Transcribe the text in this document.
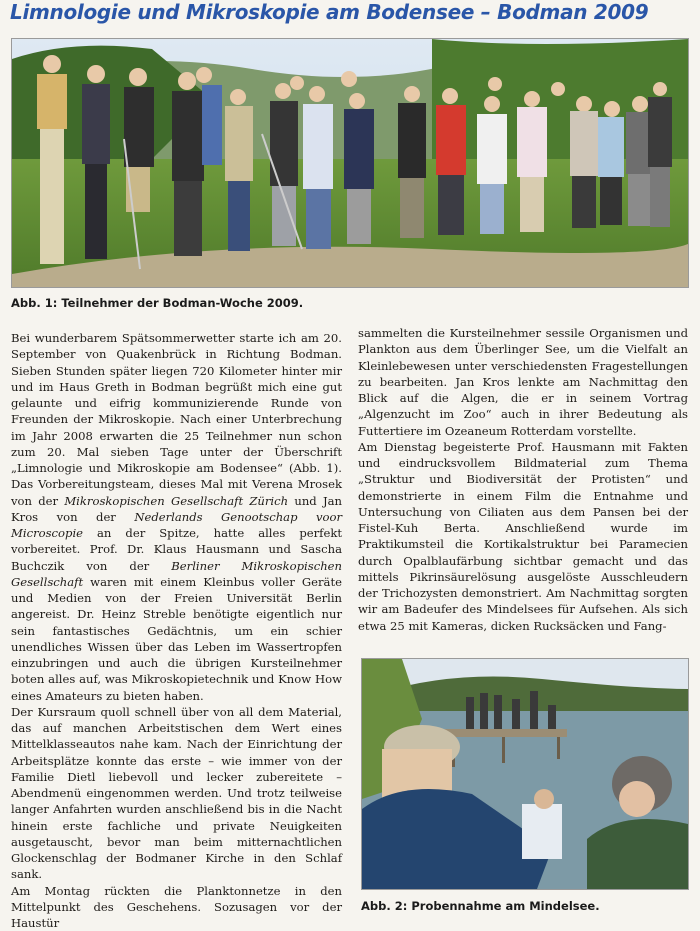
Limnologie und Mikroskopie am Bodensee – Bodman 2009
Abb. 1: Teilnehmer der Bodman-Woche 2009.

Bei wunderbarem Spätsommerwetter starte ich am 20. September von Quakenbrück in Richtung Bodman. Sieben Stunden später liegen 720 Kilometer hinter mir und im Haus Greth in Bodman begrüßt mich eine gut gelaunte und eifrig kommunizierende Runde von Freunden der Mikroskopie. Nach einer Unterbrechung im Jahr 2008 erwarten die 25 Teilnehmer nun schon zum 20. Mal sieben Tage unter der Überschrift „Limnologie und Mikroskopie am Bodensee“ (Abb. 1). Das Vorbereitungsteam, dieses Mal mit Verena Mrosek von der Mikroskopischen Gesellschaft Zürich und Jan Kros von der Nederlands Genootschap voor Microscopie an der Spitze, hatte alles perfekt vorbereitet. Prof. Dr. Klaus Hausmann und Sascha Buchczik von der Berliner Mikroskopischen Gesellschaft waren mit einem Kleinbus voller Geräte und Medien von der Freien Universität Berlin angereist. Dr. Heinz Streble benötigte eigentlich nur sein fantastisches Gedächtnis, um ein schier unendliches Wissen über das Leben im Wassertropfen einzubringen und auch die übrigen Kursteilnehmer boten alles auf, was Mikroskopietechnik und Know How eines Amateurs zu bieten haben.

Der Kursraum quoll schnell über von all dem Material, das auf manchen Arbeitstischen dem Wert eines Mittelklasseautos nahe kam. Nach der Einrichtung der Arbeitsplätze konnte das erste – wie immer von der Familie Dietl liebevoll und lecker zubereitete – Abendmenü eingenommen werden. Und trotz teilweise langer Anfahrten wurden anschließend bis in die Nacht hinein erste fachliche und private Neuigkeiten ausgetauscht, bevor man beim mitternachtlichen Glockenschlag der Bodmaner Kirche in den Schlaf sank.

Am Montag rückten die Planktonnetze in den Mittelpunkt des Geschehens. Sozusagen vor der Haustür

sammelten die Kursteilnehmer sessile Organismen und Plankton aus dem Überlinger See, um die Vielfalt an Kleinlebewesen unter verschiedensten Fragestellungen zu bearbeiten. Jan Kros lenkte am Nachmittag den Blick auf die Algen, die er in seinem Vortrag „Algenzucht im Zoo“ auch in ihrer Bedeutung als Futtertiere im Ozeaneum Rotterdam vorstellte.

Am Dienstag begeisterte Prof. Hausmann mit Fakten und eindrucksvollem Bildmaterial zum Thema „Struktur und Biodiversität der Protisten“ und demonstrierte in einem Film die Entnahme und Untersuchung von Ciliaten aus dem Pansen bei der Fistel-Kuh Berta. Anschließend wurde im Praktikumsteil die Kortikalstruktur bei Paramecien durch Opalblaufärbung sichtbar gemacht und das mittels Pikrinsäurelösung ausgelöste Ausschleudern der Trichozysten demonstriert. Am Nachmittag sorgten wir am Badeufer des Mindelsees für Aufsehen. Als sich etwa 25 mit Kameras, dicken Rucksäcken und Fang-

Abb. 2: Probennahme am Mindelsee.
